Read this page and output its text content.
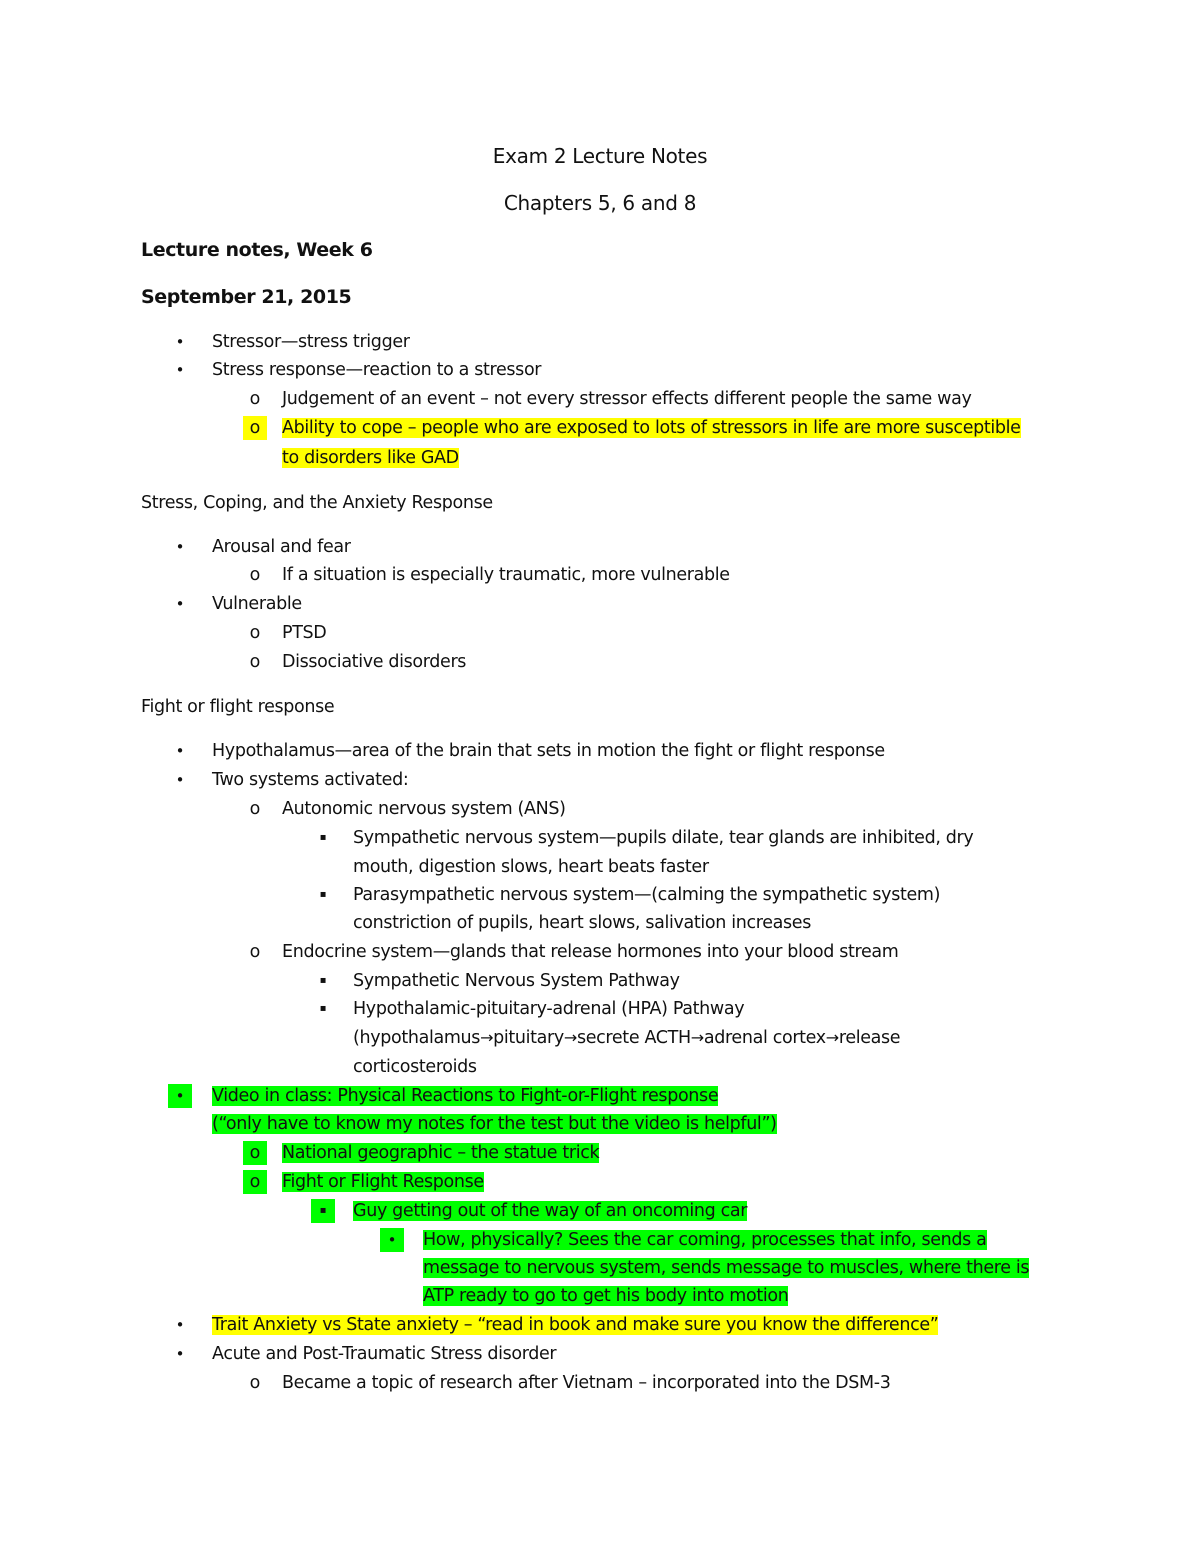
Exam 2 Lecture Notes
Chapters 5, 6 and 8
Lecture notes, Week 6
September 21, 2015
•	Stressor—stress trigger
•	Stress response—reaction to a stressor
o	Judgement of an event – not every stressor effects different people the same way
o	Ability to cope – people who are exposed to lots of stressors in life are more susceptible
to disorders like GAD
Stress, Coping, and the Anxiety Response
•	Arousal and fear
o	If a situation is especially traumatic, more vulnerable
•	Vulnerable
o	PTSD
o	Dissociative disorders
Fight or flight response
•	Hypothalamus—area of the brain that sets in motion the fight or flight response
•	Two systems activated:
o	Autonomic nervous system (ANS)
▪	Sympathetic nervous system—pupils dilate, tear glands are inhibited, dry
mouth, digestion slows, heart beats faster
▪	Parasympathetic nervous system—(calming the sympathetic system)
constriction of pupils, heart slows, salivation increases
o	Endocrine system—glands that release hormones into your blood stream
▪	Sympathetic Nervous System Pathway
▪	Hypothalamic-pituitary-adrenal (HPA) Pathway
(hypothalamus→pituitary→secrete ACTH→adrenal cortex→release
corticosteroids
•	Video in class: Physical Reactions to Fight-or-Flight response
(“only have to know my notes for the test but the video is helpful”)
o	National geographic – the statue trick
o	Fight or Flight Response
▪	Guy getting out of the way of an oncoming car
•	How, physically? Sees the car coming, processes that info, sends a
message to nervous system, sends message to muscles, where there is
ATP ready to go to get his body into motion
•	Trait Anxiety vs State anxiety – “read in book and make sure you know the difference”
•	Acute and Post-Traumatic Stress disorder
o	Became a topic of research after Vietnam – incorporated into the DSM-3
